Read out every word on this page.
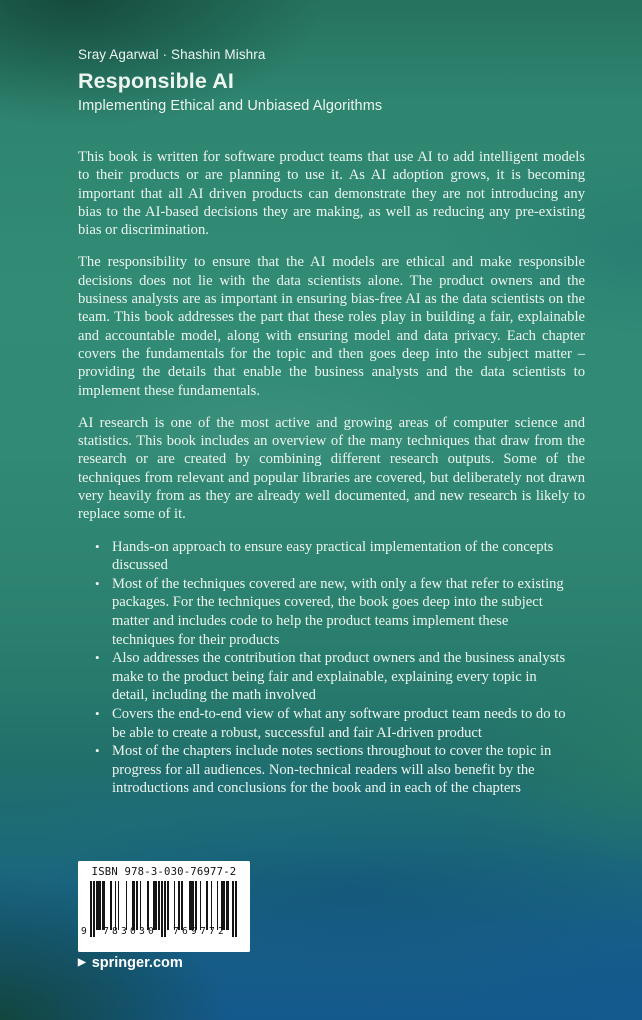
Sray Agarwal · Shashin Mishra

Responsible AI

Implementing Ethical and Unbiased Algorithms

This book is written for software product teams that use AI to add intelligent models to their products or are planning to use it. As AI adoption grows, it is becoming important that all AI driven products can demonstrate they are not introducing any bias to the AI-based decisions they are making, as well as reducing any pre-existing bias or discrimination.

The responsibility to ensure that the AI models are ethical and make responsible decisions does not lie with the data scientists alone. The product owners and the business analysts are as important in ensuring bias-free AI as the data scientists on the team. This book addresses the part that these roles play in building a fair, explainable and accountable model, along with ensuring model and data privacy. Each chapter covers the fundamentals for the topic and then goes deep into the subject matter – providing the details that enable the business analysts and the data scientists to implement these fundamentals.

AI research is one of the most active and growing areas of computer science and statistics. This book includes an overview of the many techniques that draw from the research or are created by combining different research outputs. Some of the techniques from relevant and popular libraries are covered, but deliberately not drawn very heavily from as they are already well documented, and new research is likely to replace some of it.

• Hands-on approach to ensure easy practical implementation of the concepts discussed
• Most of the techniques covered are new, with only a few that refer to existing packages. For the techniques covered, the book goes deep into the subject matter and includes code to help the product teams implement these techniques for their products
• Also addresses the contribution that product owners and the business analysts make to the product being fair and explainable, explaining every topic in detail, including the math involved
• Covers the end-to-end view of what any software product team needs to do to be able to create a robust, successful and fair AI-driven product
• Most of the chapters include notes sections throughout to cover the topic in progress for all audiences. Non-technical readers will also benefit by the introductions and conclusions for the book and in each of the chapters
ISBN 978-3-030-76977-2
9	783030	769772
▶ springer.com
